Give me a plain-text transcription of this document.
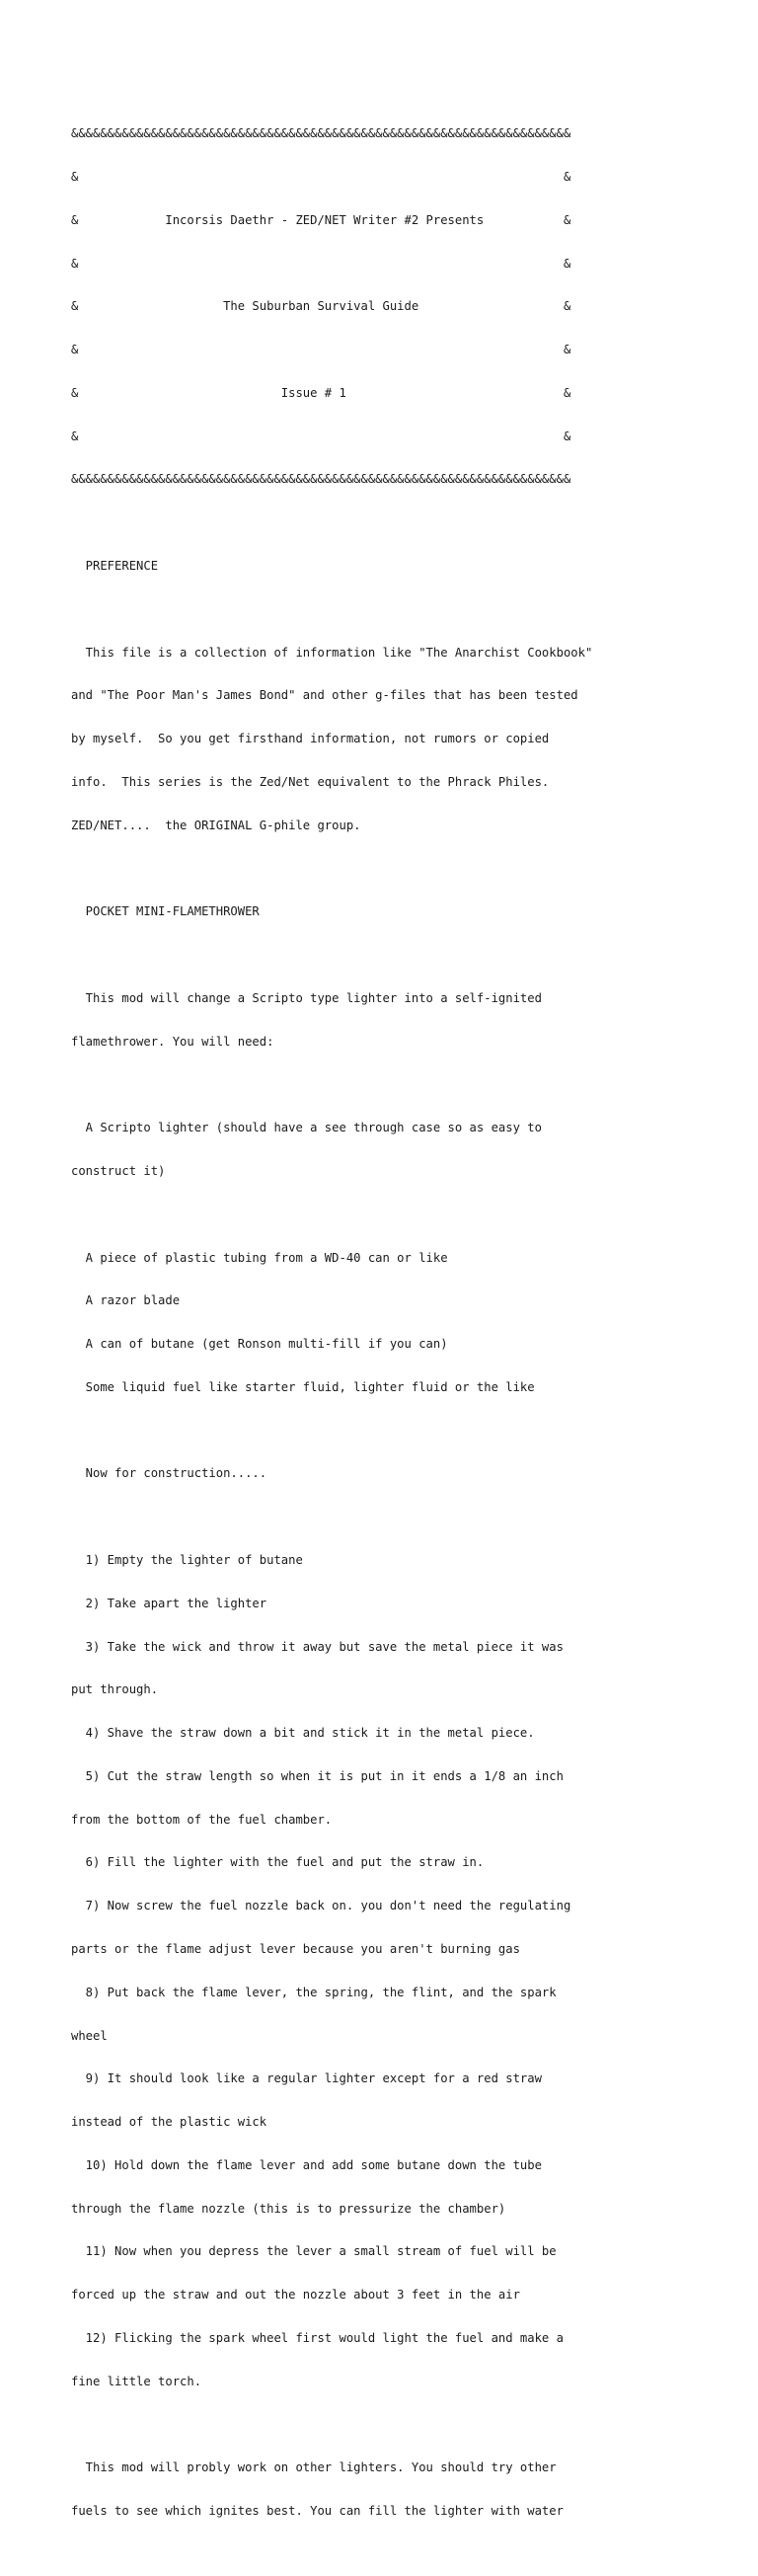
&&&&&&&&&&&&&&&&&&&&&&&&&&&&&&&&&&&&&&&&&&&&&&&&&&&&&&&&&&&&&&&&&&&&&

&                                                                   &

&            Incorsis Daethr - ZED/NET Writer #2 Presents           &

&                                                                   &

&                    The Suburban Survival Guide                    &

&                                                                   &

&                            Issue # 1                              &

&                                                                   &

&&&&&&&&&&&&&&&&&&&&&&&&&&&&&&&&&&&&&&&&&&&&&&&&&&&&&&&&&&&&&&&&&&&&&

PREFERENCE

This file is a collection of information like "The Anarchist Cookbook"

and "The Poor Man's James Bond" and other g-files that has been tested

by myself.  So you get firsthand information, not rumors or copied

info.  This series is the Zed/Net equivalent to the Phrack Philes.

ZED/NET....  the ORIGINAL G-phile group.

POCKET MINI-FLAMETHROWER

This mod will change a Scripto type lighter into a self-ignited

flamethrower. You will need:

A Scripto lighter (should have a see through case so as easy to

construct it)

A piece of plastic tubing from a WD-40 can or like

A razor blade

A can of butane (get Ronson multi-fill if you can)

Some liquid fuel like starter fluid, lighter fluid or the like

Now for construction.....

1) Empty the lighter of butane

2) Take apart the lighter

3) Take the wick and throw it away but save the metal piece it was

put through.

4) Shave the straw down a bit and stick it in the metal piece.

5) Cut the straw length so when it is put in it ends a 1/8 an inch

from the bottom of the fuel chamber.

6) Fill the lighter with the fuel and put the straw in.

7) Now screw the fuel nozzle back on. you don't need the regulating

parts or the flame adjust lever because you aren't burning gas

8) Put back the flame lever, the spring, the flint, and the spark

wheel

9) It should look like a regular lighter except for a red straw

instead of the plastic wick

10) Hold down the flame lever and add some butane down the tube

through the flame nozzle (this is to pressurize the chamber)

11) Now when you depress the lever a small stream of fuel will be

forced up the straw and out the nozzle about 3 feet in the air

12) Flicking the spark wheel first would light the fuel and make a

fine little torch.

This mod will probly work on other lighters. You should try other

fuels to see which ignites best. You can fill the lighter with water
